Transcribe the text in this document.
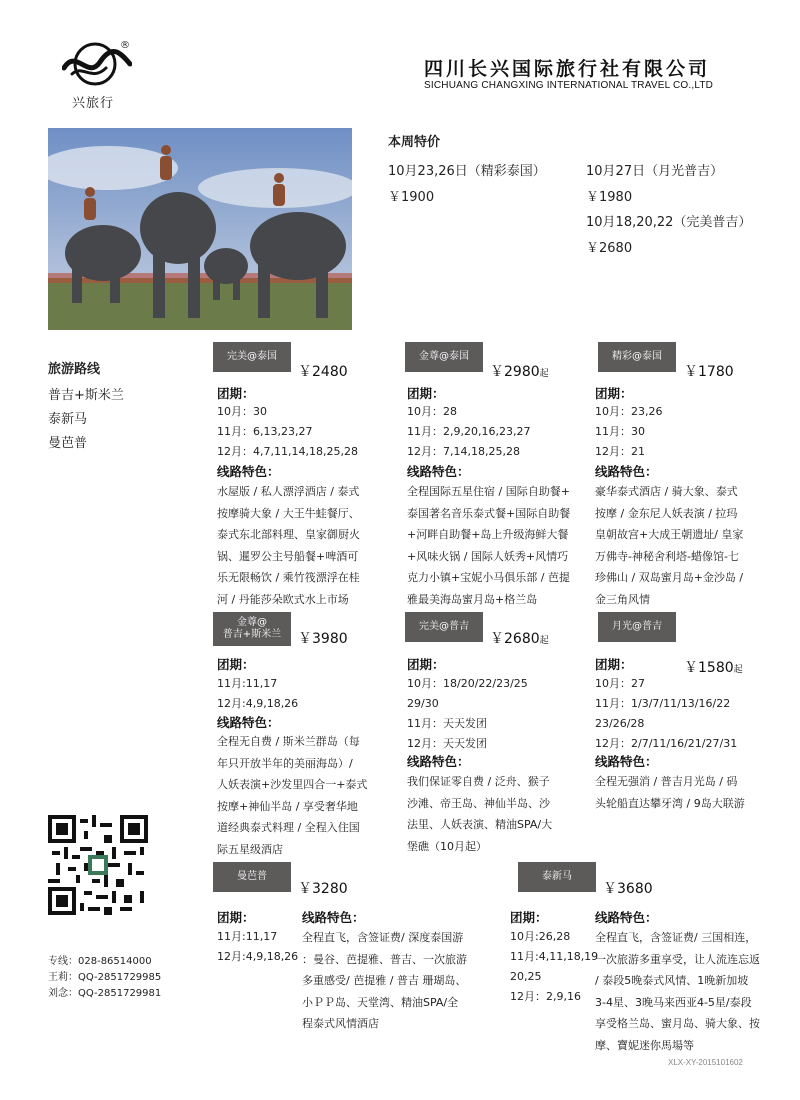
®
兴旅行
四川长兴国际旅行社有限公司
SICHUANG CHANGXING INTERNATIONAL TRAVEL CO.,LTD
本周特价
10月23,26日（精彩泰国）
￥1900
10月27日（月光普吉）
￥1980
10月18,20,22（完美普吉）
￥2680
旅游路线
普吉+斯米兰
泰新马
曼芭普
完美@泰国
￥2480
团期：
10月：30
11月：6,13,23,27
12月：4,7,11,14,18,25,28
线路特色：
水屋版 / 私人漂浮酒店 / 泰式
按摩骑大象 / 大王牛蛙餐厅、
泰式东北部料理、皇家御厨火
锅、暹罗公主号船餐+啤酒可
乐无限畅饮 / 乘竹筏漂浮在桂
河 / 丹能莎朵欧式水上市场
金尊@泰国
￥2980起
团期：
10月：28
11月：2,9,20,16,23,27
12月：7,14,18,25,28
线路特色：
全程国际五星住宿 / 国际自助餐+
泰国著名音乐泰式餐+国际自助餐
+河畔自助餐+岛上升级海鲜大餐
+风味火锅 / 国际人妖秀+风情巧
克力小镇+宝妮小马俱乐部 / 芭提
雅最美海岛蜜月岛+格兰岛
精彩@泰国
￥1780
团期：
10月：23,26
11月：30
12月：21
线路特色：
豪华泰式酒店 / 骑大象、泰式
按摩 / 金东尼人妖表演 / 拉玛
皇朝故宫+大成王朝遗址/ 皇家
万佛寺-神秘舍利塔-蜡像馆-七
珍佛山 / 双岛蜜月岛+金沙岛 /
金三角风情
金尊@
普吉+斯米兰 ￥3980
团期：
11月:11,17
12月:4,9,18,26
线路特色：
全程无自费 / 斯米兰群岛（每
年只开放半年的美丽海岛）/
人妖表演+沙发里四合一+泰式
按摩+神仙半岛 / 享受奢华地
道经典泰式料理 / 全程入住国
际五星级酒店
完美@普吉
￥2680起
团期：
10月：18/20/22/23/25
29/30
11月：天天发团
12月：天天发团
线路特色：
我们保证零自费 / 泛舟、猴子
沙滩、帝王岛、神仙半岛、沙
法里、人妖表演、精油SPA/大
堡礁（10月起）
月光@普吉
￥1580起
团期：
10月：27
11月：1/3/7/11/13/16/22
23/26/28
12月：2/7/11/16/21/27/31
线路特色：
全程无强消 / 普吉月光岛 / 码
头轮船直达攀牙湾 / 9岛大联游
曼芭普
￥3280
团期：
11月:11,17
12月:4,9,18,26
线路特色：
全程直飞，含签证费/ 深度泰国游
：曼谷、芭提雅、普吉、一次旅游
多重感受/ 芭提雅 / 普吉 珊瑚岛、
小ＰＰ岛、天堂湾、精油SPA/全
程泰式风情酒店
泰新马
￥3680
团期：
10月:26,28
11月:4,11,18,19
20,25
12月：2,9,16
线路特色：
全程直飞，含签证费/ 三国相连，
一次旅游多重享受，让人流连忘返
/ 泰段5晚泰式风情、1晚新加坡
3-4星、3晚马来西亚4-5星/泰段
享受格兰岛、蜜月岛、骑大象、按
摩、寶妮迷你馬場等
专线：028-86514000
王莉：QQ-2851729985
刘念：QQ-2851729981
XLX-XY-2015101602
